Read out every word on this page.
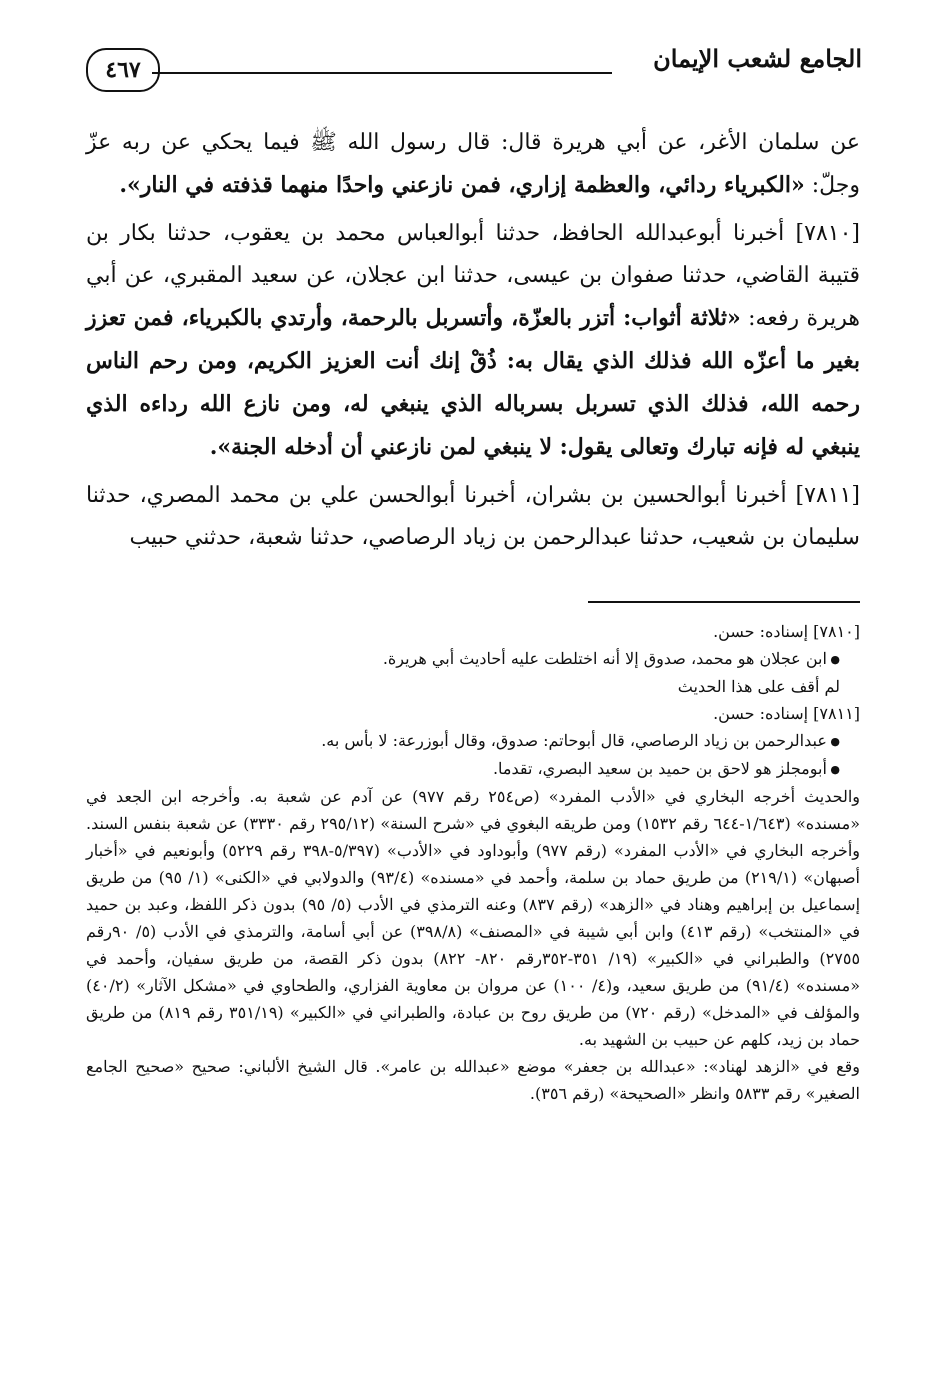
الجامع لشعب الإيمان
٤٦٧

عن سلمان الأغر، عن أبي هريرة قال: قال رسول الله ﷺ فيما يحكي عن ربه عزّ وجلّ: «الكبرياء ردائي، والعظمة إزاري، فمن نازعني واحدًا منهما قذفته في النار».

[٧٨١٠] أخبرنا أبوعبدالله الحافظ، حدثنا أبوالعباس محمد بن يعقوب، حدثنا بكار بن قتيبة القاضي، حدثنا صفوان بن عيسى، حدثنا ابن عجلان، عن سعيد المقبري، عن أبي هريرة رفعه: «ثلاثة أثواب: أتزر بالعزّة، وأتسربل بالرحمة، وأرتدي بالكبرياء، فمن تعزز بغير ما أعزّه الله فذلك الذي يقال به: ذُقْ إنك أنت العزيز الكريم، ومن رحم الناس رحمه الله، فذلك الذي تسربل بسرباله الذي ينبغي له، ومن نازع الله رداءه الذي ينبغي له فإنه تبارك وتعالى يقول: لا ينبغي لمن نازعني أن أدخله الجنة».

[٧٨١١] أخبرنا أبوالحسين بن بشران، أخبرنا أبوالحسن علي بن محمد المصري، حدثنا سليمان بن شعيب، حدثنا عبدالرحمن بن زياد الرصاصي، حدثنا شعبة، حدثني حبيب

[٧٨١٠] إسناده: حسن.

● ابن عجلان هو محمد، صدوق إلا أنه اختلطت عليه أحاديث أبي هريرة.

لم أقف على هذا الحديث

[٧٨١١] إسناده: حسن.

● عبدالرحمن بن زياد الرصاصي، قال أبوحاتم: صدوق، وقال أبوزرعة: لا بأس به.

● أبومجلز هو لاحق بن حميد بن سعيد البصري، تقدما.

والحديث أخرجه البخاري في «الأدب المفرد» (ص٢٥٤ رقم ٩٧٧) عن آدم عن شعبة به. وأخرجه ابن الجعد في «مسنده» (١/٦٤٣-٦٤٤ رقم ١٥٣٢) ومن طريقه البغوي في «شرح السنة» (٢٩٥/١٢ رقم ٣٣٣٠) عن شعبة بنفس السند. وأخرجه البخاري في «الأدب المفرد» (رقم ٩٧٧) وأبوداود في «الأدب» (٥/٣٩٧-٣٩٨ رقم ٥٢٢٩) وأبونعيم في «أخبار أصبهان» (٢١٩/١) من طريق حماد بن سلمة، وأحمد في «مسنده» (٩٣/٤) والدولابي في «الكنى» (١/ ٩٥) من طريق إسماعيل بن إبراهيم وهناد في «الزهد» (رقم ٨٣٧) وعنه الترمذي في الأدب (٥/ ٩٥) بدون ذكر اللفظ، وعبد بن حميد في «المنتخب» (رقم ٤١٣) وابن أبي شيبة في «المصنف» (٣٩٨/٨) عن أبي أسامة، والترمذي في الأدب (٥/ ٩٠رقم ٢٧٥٥) والطبراني في «الكبير» (١٩/ ٣٥١-٣٥٢رقم ٨٢٠- ٨٢٢) بدون ذكر القصة، من طريق سفيان، وأحمد في «مسنده» (٩١/٤) من طريق سعيد، و(٤/ ١٠٠) عن مروان بن معاوية الفزاري، والطحاوي في «مشكل الآثار» (٤٠/٢) والمؤلف في «المدخل» (رقم ٧٢٠) من طريق روح بن عبادة، والطبراني في «الكبير» (٣٥١/١٩ رقم ٨١٩) من طريق حماد بن زيد، كلهم عن حبيب بن الشهيد به.

وقع في «الزهد لهناد»: «عبدالله بن جعفر» موضع «عبدالله بن عامر». قال الشيخ الألباني: صحيح «صحيح الجامع الصغير» رقم ٥٨٣٣ وانظر «الصحيحة» (رقم ٣٥٦).
